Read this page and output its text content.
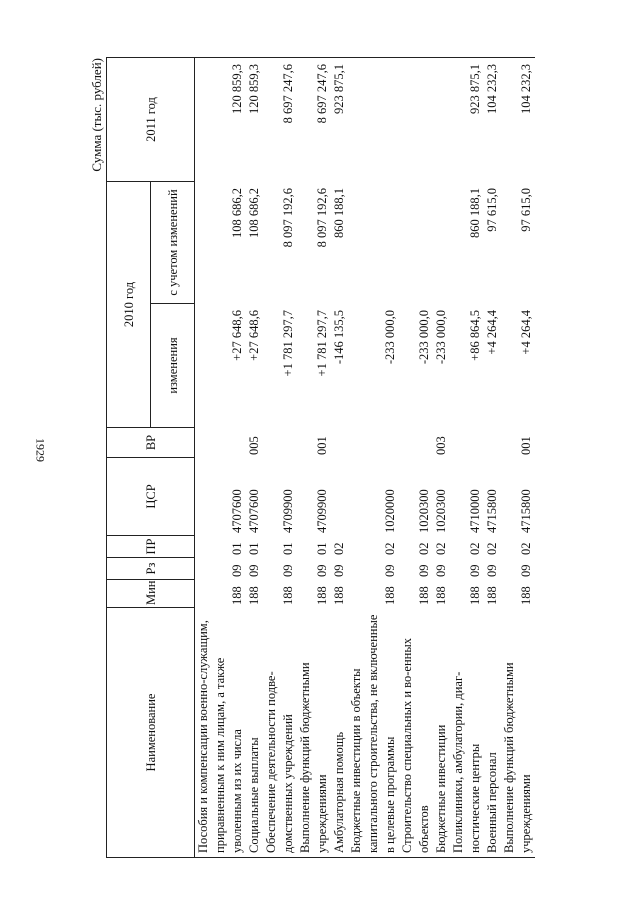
1929
Сумма (тыс. рублей)
Наименование	Мин	Рз	ПР	ЦСР	ВР	2010 год		2011 год
						изменения	с учетом изменений	
Пособия и компенсации военно-служащим, приравненным к ним лицам, а также уволенным из их числа	188	09	01	4707600		+27 648,6	108 686,2	120 859,3
Социальные выплаты	188	09	01	4707600	005	+27 648,6	108 686,2	120 859,3
Обеспечение деятельности подве-домственных учреждений	188	09	01	4709900		+1 781 297,7	8 097 192,6	8 697 247,6
Выполнение функций бюджетными учреждениями	188	09	01	4709900	001	+1 781 297,7	8 097 192,6	8 697 247,6
Амбулаторная помощь	188	09	02			-146 135,5	860 188,1	923 875,1
Бюджетные инвестиции в объекты капитального строительства, не включенные в целевые программы	188	09	02	1020000		-233 000,0		
Строительство специальных и во-енных объектов	188	09	02	1020300		-233 000,0		
Бюджетные инвестиции	188	09	02	1020300	003	-233 000,0		
Поликлиники, амбулатории, диаг-ностические центры	188	09	02	4710000		+86 864,5	860 188,1	923 875,1
Военный персонал	188	09	02	4715800		+4 264,4	97 615,0	104 232,3
Выполнение функций бюджетными учреждениями	188	09	02	4715800	001	+4 264,4	97 615,0	104 232,3
